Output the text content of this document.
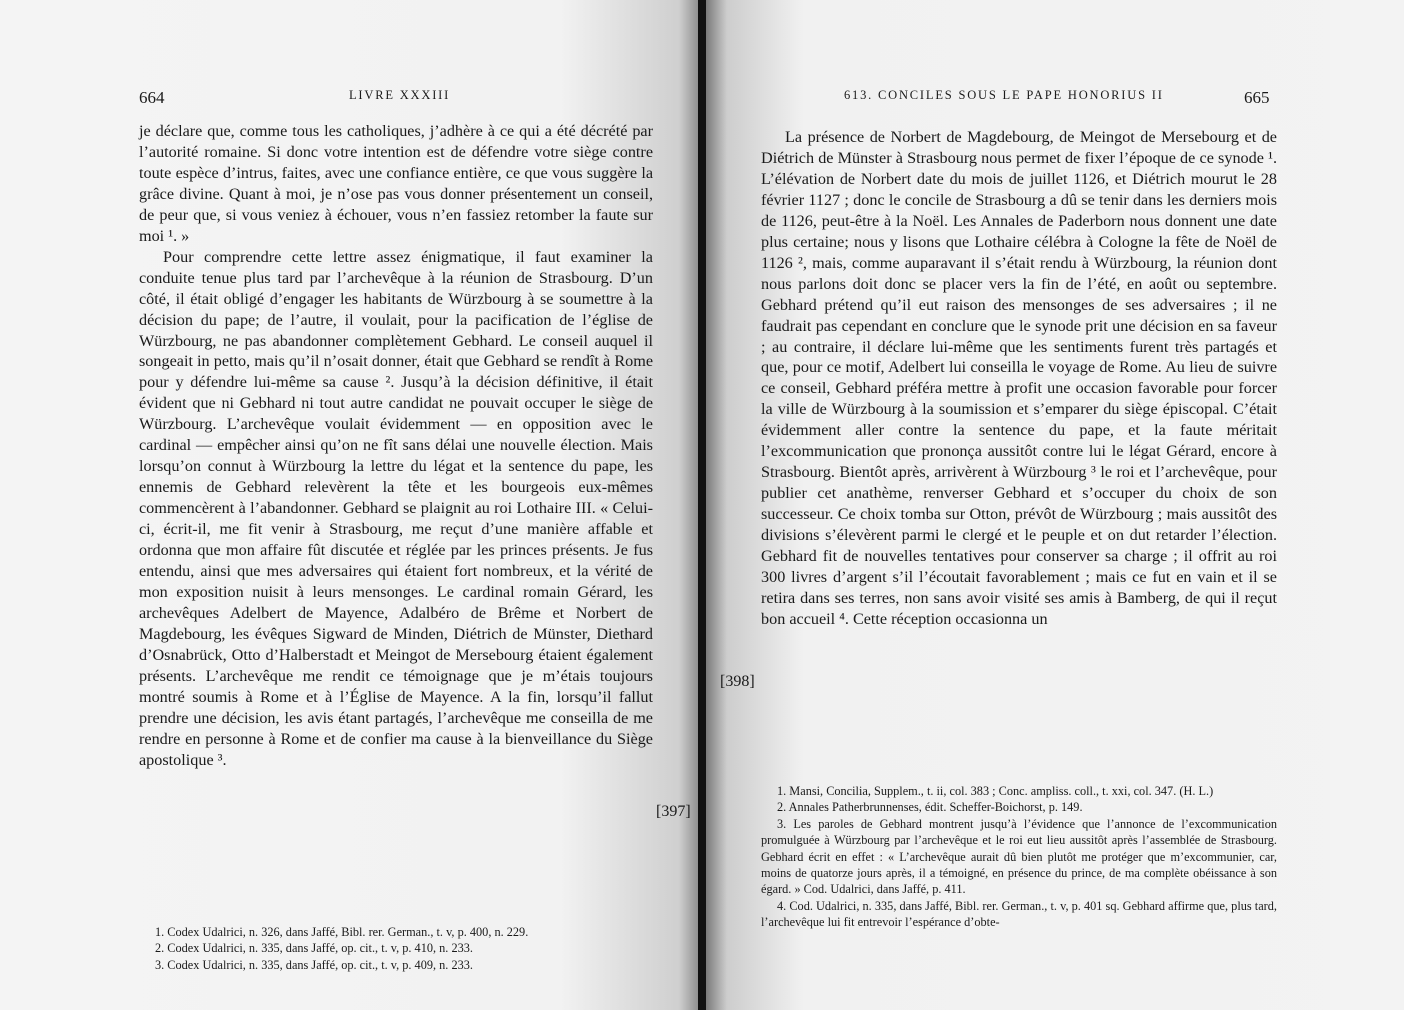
664	LIVRE XXXIII

je déclare que, comme tous les catholiques, j’adhère à ce qui a été décrété par l’autorité romaine. Si donc votre intention est de défendre votre siège contre toute espèce d’intrus, faites, avec une confiance entière, ce que vous suggère la grâce divine. Quant à moi, je n’ose pas vous donner présentement un conseil, de peur que, si vous veniez à échouer, vous n’en fassiez retomber la faute sur moi ¹. »

Pour comprendre cette lettre assez énigmatique, il faut examiner la conduite tenue plus tard par l’archevêque à la réunion de Strasbourg. D’un côté, il était obligé d’engager les habitants de Würzbourg à se soumettre à la décision du pape; de l’autre, il voulait, pour la pacification de l’église de Würzbourg, ne pas abandonner complètement Gebhard. Le conseil auquel il songeait in petto, mais qu’il n’osait donner, était que Gebhard se rendît à Rome pour y défendre lui-même sa cause ². Jusqu’à la décision définitive, il était évident que ni Gebhard ni tout autre candidat ne pouvait occuper le siège de Würzbourg. L’archevêque voulait évidemment — en opposition avec le cardinal — empêcher ainsi qu’on ne fît sans délai une nouvelle élection. Mais lorsqu’on connut à Würzbourg la lettre du légat et la sentence du pape, les ennemis de Gebhard relevèrent la tête et les bourgeois eux-mêmes commencèrent à l’abandonner. Gebhard se plaignit au roi Lothaire III. « Celui-ci, écrit-il, me fit venir à Strasbourg, me reçut d’une manière affable et ordonna que mon affaire fût discutée et réglée par les princes présents. Je fus entendu, ainsi que mes adversaires qui étaient fort nombreux, et la vérité de mon exposition nuisit à leurs mensonges. Le cardinal romain Gérard, les archevêques Adelbert de Mayence, Adalbéro de Brême et Norbert de Magdebourg, les évêques Sigward de Minden, Diétrich de Münster, Diethard d’Osnabrück, Otto d’Halberstadt et Meingot de Mersebourg étaient également présents. L’archevêque me rendit ce témoignage que je m’étais toujours montré soumis à Rome et à l’Église de Mayence. A la fin, lorsqu’il fallut prendre une décision, les avis étant partagés, l’archevêque me conseilla de me rendre en personne à Rome et de confier ma cause à la bienveillance du Siège apostolique ³.

[397]

1. Codex Udalrici, n. 326, dans Jaffé, Bibl. rer. German., t. v, p. 400, n. 229.

2. Codex Udalrici, n. 335, dans Jaffé, op. cit., t. v, p. 410, n. 233.

3. Codex Udalrici, n. 335, dans Jaffé, op. cit., t. v, p. 409, n. 233.

613. CONCILES SOUS LE PAPE HONORIUS II	665

La présence de Norbert de Magdebourg, de Meingot de Mersebourg et de Diétrich de Münster à Strasbourg nous permet de fixer l’époque de ce synode ¹. L’élévation de Norbert date du mois de juillet 1126, et Diétrich mourut le 28 février 1127 ; donc le concile de Strasbourg a dû se tenir dans les derniers mois de 1126, peut-être à la Noël. Les Annales de Paderborn nous donnent une date plus certaine; nous y lisons que Lothaire célébra à Cologne la fête de Noël de 1126 ², mais, comme auparavant il s’était rendu à Würzbourg, la réunion dont nous parlons doit donc se placer vers la fin de l’été, en août ou septembre. Gebhard prétend qu’il eut raison des mensonges de ses adversaires ; il ne faudrait pas cependant en conclure que le synode prit une décision en sa faveur ; au contraire, il déclare lui-même que les sentiments furent très partagés et que, pour ce motif, Adelbert lui conseilla le voyage de Rome. Au lieu de suivre ce conseil, Gebhard préféra mettre à profit une occasion favorable pour forcer la ville de Würzbourg à la soumission et s’emparer du siège épiscopal. C’était évidemment aller contre la sentence du pape, et la faute méritait l’excommunication que prononça aussitôt contre lui le légat Gérard, encore à Strasbourg. Bientôt après, arrivèrent à Würzbourg ³ le roi et l’archevêque, pour publier cet anathème, renverser Gebhard et s’occuper du choix de son successeur. Ce choix tomba sur Otton, prévôt de Würzbourg ; mais aussitôt des divisions s’élevèrent parmi le clergé et le peuple et on dut retarder l’élection. Gebhard fit de nouvelles tentatives pour conserver sa charge ; il offrit au roi 300 livres d’argent s’il l’écoutait favorablement ; mais ce fut en vain et il se retira dans ses terres, non sans avoir visité ses amis à Bamberg, de qui il reçut bon accueil ⁴. Cette réception occasionna un

[398]

1. Mansi, Concilia, Supplem., t. ii, col. 383 ; Conc. ampliss. coll., t. xxi, col. 347. (H. L.)

2. Annales Patherbrunnenses, édit. Scheffer-Boichorst, p. 149.

3. Les paroles de Gebhard montrent jusqu’à l’évidence que l’annonce de l’excommunication promulguée à Würzbourg par l’archevêque et le roi eut lieu aussitôt après l’assemblée de Strasbourg. Gebhard écrit en effet : « L’archevêque aurait dû bien plutôt me protéger que m’excommunier, car, moins de quatorze jours après, il a témoigné, en présence du prince, de ma complète obéissance à son égard. » Cod. Udalrici, dans Jaffé, p. 411.

4. Cod. Udalrici, n. 335, dans Jaffé, Bibl. rer. German., t. v, p. 401 sq. Gebhard affirme que, plus tard, l’archevêque lui fit entrevoir l’espérance d’obte-
